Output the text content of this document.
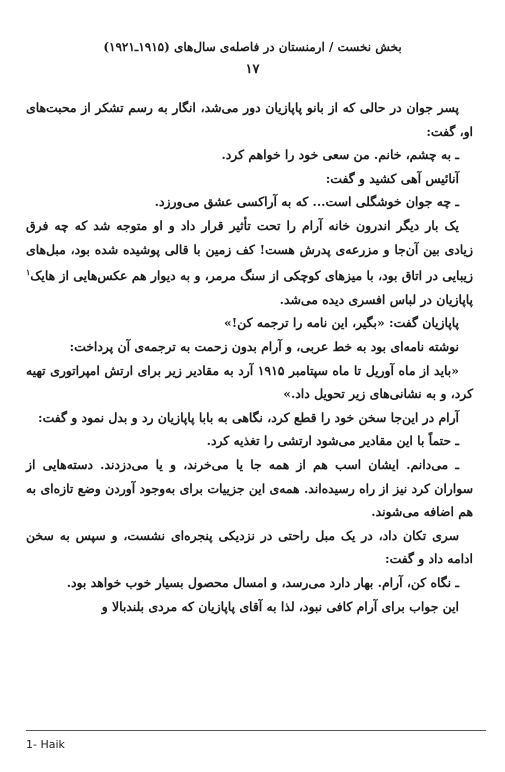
بخش نخست / ارمنستان در فاصله‌ی سال‌های (۱۹۱۵ـ۱۹۲۱)
۱۷

پسر جوان در حالی که از بانو پاپازیان دور می‌شد، انگار به رسم تشکر از محبت‌های او، گفت:

ـ به چشم، خانم. من سعی خود را خواهم کرد.

آنائیس آهی کشید و گفت:

ـ چه جوان خوشگلی است... که به آراکسی عشق می‌ورزد.

یک بار دیگر اندرون خانه آرام را تحت تأثیر قرار داد و او متوجه شد که چه فرق زیادی بین آن‌جا و مزرعه‌ی پدرش هست! کف زمین با قالی پوشیده شده بود، مبل‌های زیبایی در اتاق بود، با میزهای کوچکی از سنگ مرمر، و به دیوار هم عکس‌هایی از هایک$^۱$ پاپازیان در لباس افسری دیده می‌شد.

پاپازیان گفت: «بگیر، این نامه را ترجمه کن!»

نوشته نامه‌ای بود به خط عربی، و آرام بدون زحمت به ترجمه‌ی آن پرداخت:

«باید از ماه آوریل تا ماه سپتامبر ۱۹۱۵ آرد به مقادیر زیر برای ارتش امپراتوری تهیه کرد، و به نشانی‌های زیر تحویل داد.»

آرام در این‌جا سخن خود را قطع کرد، نگاهی به بابا پاپازیان رد و بدل نمود و گفت:

ـ حتماً با این مقادیر می‌شود ارتشی را تغذیه کرد.

ـ می‌دانم. ایشان اسب هم از همه جا یا می‌خرند، و یا می‌دزدند. دسته‌هایی از سواران کرد نیز از راه رسیده‌اند. همه‌ی این جزییات برای به‌وجود آوردن وضع تازه‌ای به هم اضافه می‌شوند.

سری تکان داد، در یک مبل راحتی در نزدیکی پنجره‌ای نشست، و سپس به سخن ادامه داد و گفت:

ـ نگاه کن، آرام. بهار دارد می‌رسد، و امسال محصول بسیار خوب خواهد بود.

این جواب برای آرام کافی نبود، لذا به آقای پاپازیان که مردی بلندبالا و

1- Haik
